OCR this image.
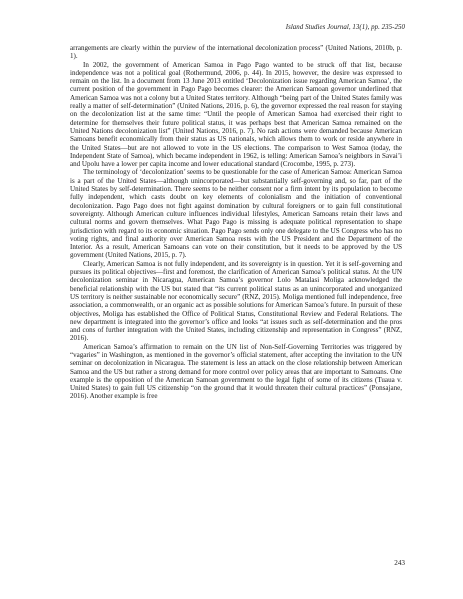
Island Studies Journal, 13(1), pp. 235-250

arrangements are clearly within the purview of the international decolonization process” (United Nations, 2010b, p. 1).

In 2002, the government of American Samoa in Pago Pago wanted to be struck off that list, because independence was not a political goal (Rothermund, 2006, p. 44). In 2015, however, the desire was expressed to remain on the list. In a document from 13 June 2013 entitled ‘Decolonization issue regarding American Samoa’, the current position of the government in Pago Pago becomes clearer: the American Samoan governor underlined that American Samoa was not a colony but a United States territory. Although “being part of the United States family was really a matter of self-determination” (United Nations, 2016, p. 6), the governor expressed the real reason for staying on the decolonization list at the same time: “Until the people of American Samoa had exercised their right to determine for themselves their future political status, it was perhaps best that American Samoa remained on the United Nations decolonization list” (United Nations, 2016, p. 7). No rash actions were demanded because American Samoans benefit economically from their status as US nationals, which allows them to work or reside anywhere in the United States—but are not allowed to vote in the US elections. The comparison to West Samoa (today, the Independent State of Samoa), which became independent in 1962, is telling: American Samoa’s neighbors in Savai’i and Upolu have a lower per capita income and lower educational standard (Crocombe, 1995, p. 273).

The terminology of ‘decolonization’ seems to be questionable for the case of American Samoa: American Samoa is a part of the United States—although unincorporated—but substantially self-governing and, so far, part of the United States by self-determination. There seems to be neither consent nor a firm intent by its population to become fully independent, which casts doubt on key elements of colonialism and the initiation of conventional decolonization. Pago Pago does not fight against domination by cultural foreigners or to gain full constitutional sovereignty. Although American culture influences individual lifestyles, American Samoans retain their laws and cultural norms and govern themselves. What Pago Pago is missing is adequate political representation to shape jurisdiction with regard to its economic situation. Pago Pago sends only one delegate to the US Congress who has no voting rights, and final authority over American Samoa rests with the US President and the Department of the Interior. As a result, American Samoans can vote on their constitution, but it needs to be approved by the US government (United Nations, 2015, p. 7).

Clearly, American Samoa is not fully independent, and its sovereignty is in question. Yet it is self-governing and pursues its political objectives—first and foremost, the clarification of American Samoa’s political status. At the UN decolonization seminar in Nicaragua, American Samoa’s governor Lolo Matalasi Moliga acknowledged the beneficial relationship with the US but stated that “its current political status as an unincorporated and unorganized US territory is neither sustainable nor economically secure” (RNZ, 2015). Moliga mentioned full independence, free association, a commonwealth, or an organic act as possible solutions for American Samoa’s future. In pursuit of these objectives, Moliga has established the Office of Political Status, Constitutional Review and Federal Relations. The new department is integrated into the governor’s office and looks “at issues such as self-determination and the pros and cons of further integration with the United States, including citizenship and representation in Congress” (RNZ, 2016).

American Samoa’s affirmation to remain on the UN list of Non-Self-Governing Territories was triggered by “vagaries” in Washington, as mentioned in the governor’s official statement, after accepting the invitation to the UN seminar on decolonization in Nicaragua. The statement is less an attack on the close relationship between American Samoa and the US but rather a strong demand for more control over policy areas that are important to Samoans. One example is the opposition of the American Samoan government to the legal fight of some of its citizens (Tuaua v. United States) to gain full US citizenship “on the ground that it would threaten their cultural practices” (Ponsajane, 2016). Another example is free

243
